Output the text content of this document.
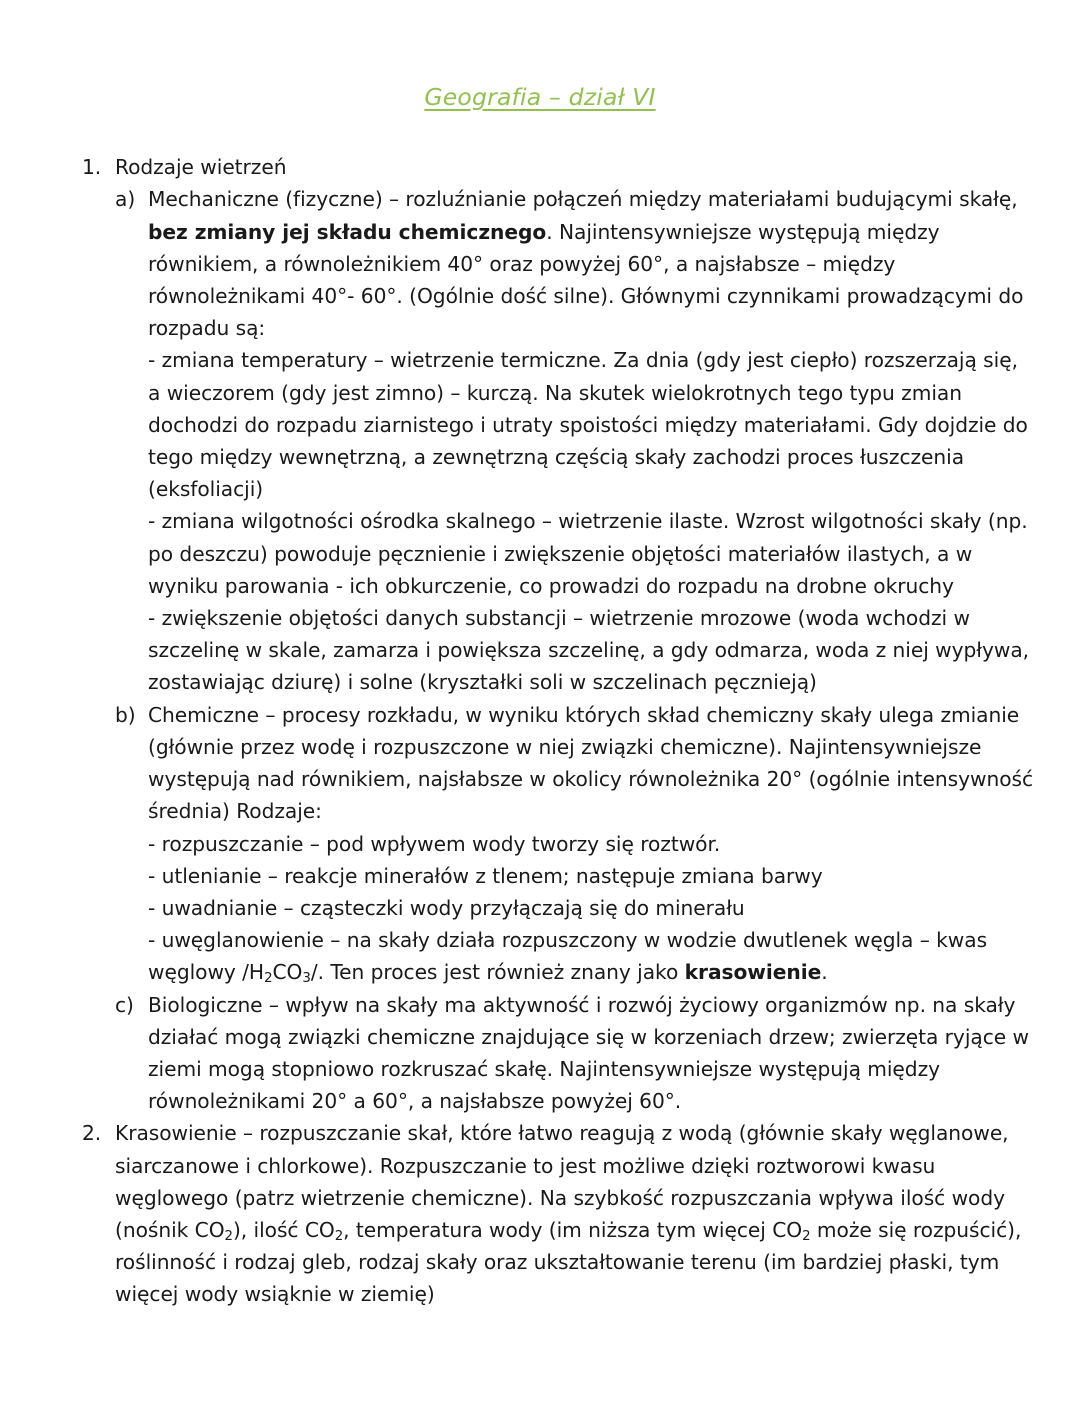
Geografia – dział VI
1. Rodzaje wietrzeń
a) Mechaniczne (fizyczne) – rozluźnianie połączeń między materiałami budującymi skałę, bez zmiany jej składu chemicznego. Najintensywniejsze występują między równikiem, a równoleżnikiem 40° oraz powyżej 60°, a najsłabsze – między równoleżnikami 40°- 60°. (Ogólnie dość silne). Głównymi czynnikami prowadzącymi do rozpadu są:

- zmiana temperatury – wietrzenie termiczne. Za dnia (gdy jest ciepło) rozszerzają się, a wieczorem (gdy jest zimno) – kurczą. Na skutek wielokrotnych tego typu zmian dochodzi do rozpadu ziarnistego i utraty spoistości między materiałami. Gdy dojdzie do tego między wewnętrzną, a zewnętrzną częścią skały zachodzi proces łuszczenia (eksfoliacji)

- zmiana wilgotności ośrodka skalnego – wietrzenie ilaste. Wzrost wilgotności skały (np. po deszczu) powoduje pęcznienie i zwiększenie objętości materiałów ilastych, a w wyniku parowania - ich obkurczenie, co prowadzi do rozpadu na drobne okruchy

- zwiększenie objętości danych substancji – wietrzenie mrozowe (woda wchodzi w szczelinę w skale, zamarza i powiększa szczelinę, a gdy odmarza, woda z niej wypływa, zostawiając dziurę) i solne (kryształki soli w szczelinach pęcznieją)

b) Chemiczne – procesy rozkładu, w wyniku których skład chemiczny skały ulega zmianie (głównie przez wodę i rozpuszczone w niej związki chemiczne). Najintensywniejsze występują nad równikiem, najsłabsze w okolicy równoleżnika 20° (ogólnie intensywność średnia) Rodzaje:

- rozpuszczanie – pod wpływem wody tworzy się roztwór.

- utlenianie – reakcje minerałów z tlenem; następuje zmiana barwy

- uwadnianie – cząsteczki wody przyłączają się do minerału

- uwęglanowienie – na skały działa rozpuszczony w wodzie dwutlenek węgla – kwas węglowy $/H_2CO_3/$. Ten proces jest również znany jako krasowienie.

c) Biologiczne – wpływ na skały ma aktywność i rozwój życiowy organizmów np. na skały działać mogą związki chemiczne znajdujące się w korzeniach drzew; zwierzęta ryjące w ziemi mogą stopniowo rozkruszać skałę. Najintensywniejsze występują między równoleżnikami 20° a 60°, a najsłabsze powyżej 60°.

2. Krasowienie – rozpuszczanie skał, które łatwo reagują z wodą (głównie skały węglanowe, siarczanowe i chlorkowe). Rozpuszczanie to jest możliwe dzięki roztworowi kwasu węglowego (patrz wietrzenie chemiczne). Na szybkość rozpuszczania wpływa ilość wody (nośnik $CO_2$), ilość $CO_2$, temperatura wody (im niższa tym więcej $CO_2$ może się rozpuścić), roślinność i rodzaj gleb, rodzaj skały oraz ukształtowanie terenu (im bardziej płaski, tym więcej wody wsiąknie w ziemię)
